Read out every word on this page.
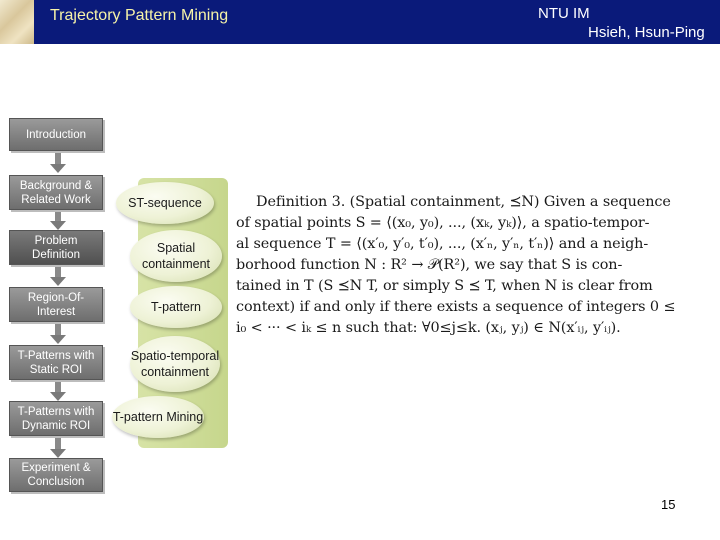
Trajectory Pattern Mining	NTU IM
Hsieh, Hsun-Ping
Introduction
Background & Related Work
Problem Definition
Region-Of-Interest
T-Patterns with Static ROI
T-Patterns with Dynamic ROI
Experiment & Conclusion
ST-sequence
Spatial containment
T-pattern
Spatio-temporal containment
T-pattern Mining
Definition 3. (Spatial containment, ⪯N) Given a sequence
of spatial points S = ⟨(x₀, y₀), ..., (xₖ, yₖ)⟩, a spatio-tempor-
al sequence T = ⟨(x′₀, y′₀, t′₀), ..., (x′ₙ, y′ₙ, t′ₙ)⟩ and a neigh-
borhood function N : R² → 𝒫(R²), we say that S is con-
tained in T (S ⪯N T, or simply S ⪯ T, when N is clear from
context) if and only if there exists a sequence of integers 0 ≤
i₀ < ··· < iₖ ≤ n such that: ∀0≤j≤k. (xⱼ, yⱼ) ∈ N(x′ᵢⱼ, y′ᵢⱼ).
15
